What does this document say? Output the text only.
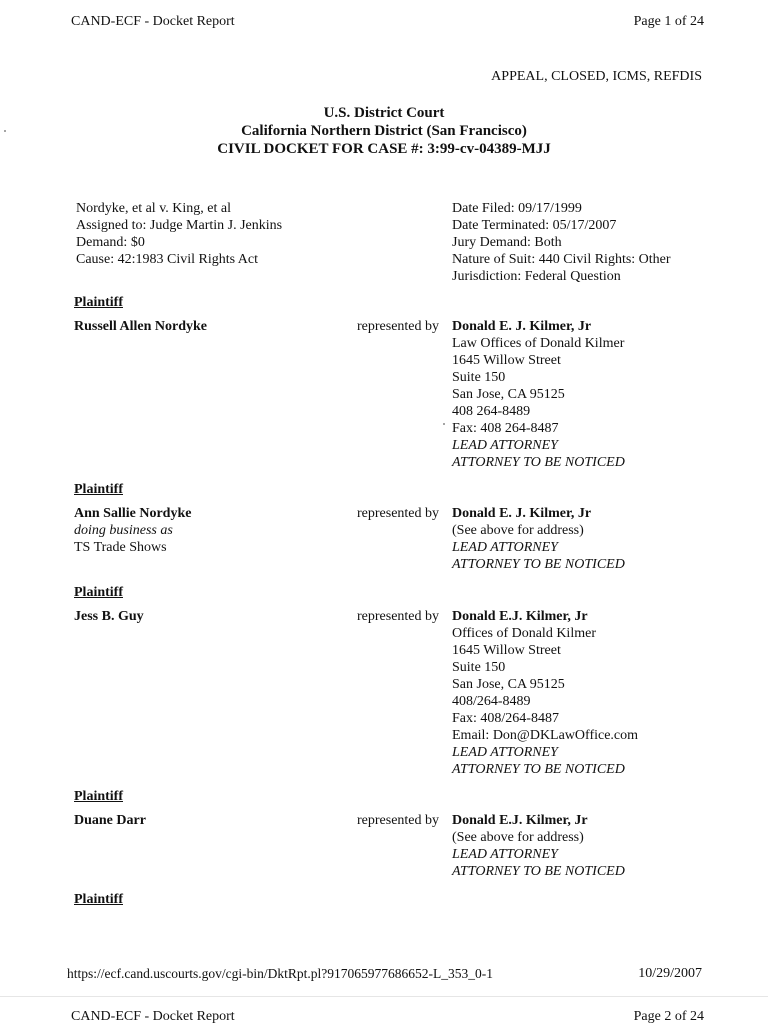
CAND-ECF - Docket Report	Page 1 of 24
APPEAL, CLOSED, ICMS, REFDIS
U.S. District Court
California Northern District (San Francisco)
CIVIL DOCKET FOR CASE #: 3:99-cv-04389-MJJ
Nordyke, et al v. King, et al
Assigned to: Judge Martin J. Jenkins
Demand: $0
Cause: 42:1983 Civil Rights Act
Date Filed: 09/17/1999
Date Terminated: 05/17/2007
Jury Demand: Both
Nature of Suit: 440 Civil Rights: Other
Jurisdiction: Federal Question
Plaintiff
Russell Allen Nordyke	represented by Donald E. J. Kilmer, Jr
Law Offices of Donald Kilmer
1645 Willow Street
Suite 150
San Jose, CA 95125
408 264-8489
Fax: 408 264-8487
LEAD ATTORNEY
ATTORNEY TO BE NOTICED
Plaintiff
Ann Sallie Nordyke
doing business as
TS Trade Shows
represented by Donald E. J. Kilmer, Jr
(See above for address)
LEAD ATTORNEY
ATTORNEY TO BE NOTICED
Plaintiff
Jess B. Guy	represented by Donald E.J. Kilmer, Jr
Offices of Donald Kilmer
1645 Willow Street
Suite 150
San Jose, CA 95125
408/264-8489
Fax: 408/264-8487
Email: Don@DKLawOffice.com
LEAD ATTORNEY
ATTORNEY TO BE NOTICED
Plaintiff
Duane Darr	represented by Donald E.J. Kilmer, Jr
(See above for address)
LEAD ATTORNEY
ATTORNEY TO BE NOTICED
Plaintiff
https://ecf.cand.uscourts.gov/cgi-bin/DktRpt.pl?917065977686652-L_353_0-1	10/29/2007
CAND-ECF - Docket Report	Page 2 of 24
